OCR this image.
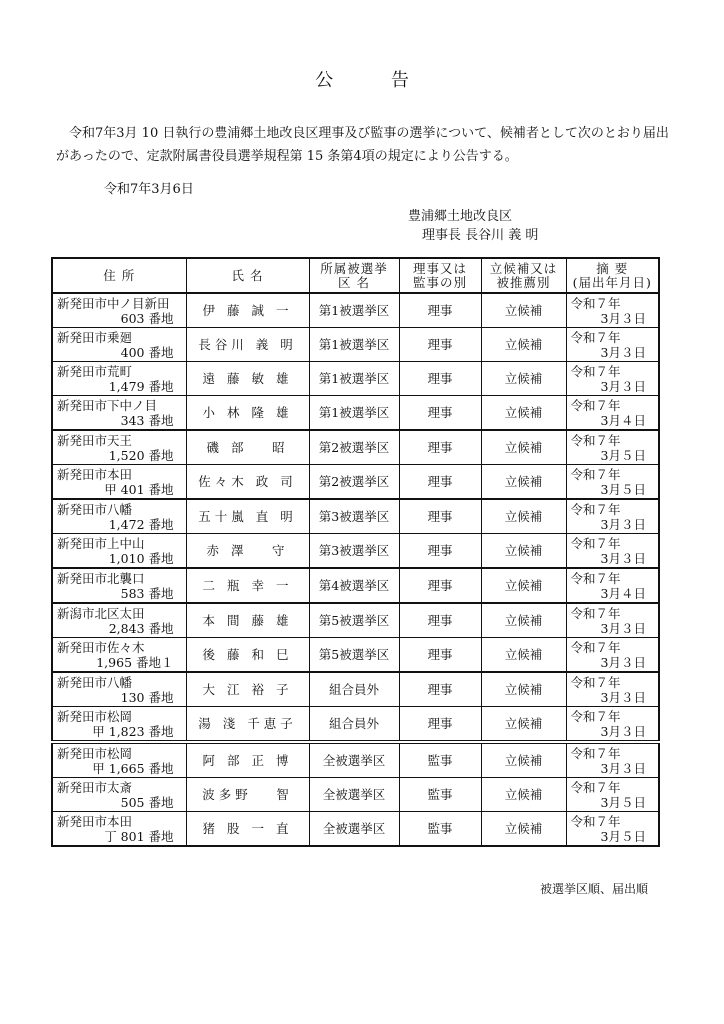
公 告

令和7年3月 10 日執行の豊浦郷土地改良区理事及び監事の選挙について、候補者として次のとおり届出があったので、定款附属書役員選挙規程第 15 条第4項の規定により公告する。

令和7年3月6日
豊浦郷土地改良区
理事長 長谷川 義 明
住 所	氏 名	所属被選挙
区 名	理事又は
監事の別	立候補又は
被推薦別	摘 要
(届出年月日)
新発田市中ノ目新田
603 番地	伊 藤 誠 一	第1被選挙区	理事	立候補	令和７年
3月３日

新発田市乗廻
400 番地	長谷川 義 明	第1被選挙区	理事	立候補	令和７年
3月３日

新発田市荒町
1,479 番地	遠 藤 敏 雄	第1被選挙区	理事	立候補	令和７年
3月３日

新発田市下中ノ目
343 番地	小 林 隆 雄	第1被選挙区	理事	立候補	令和７年
3月４日

新発田市天王
1,520 番地	磯 部 　昭	第2被選挙区	理事	立候補	令和７年
3月５日

新発田市本田
甲 401 番地	佐々木 政 司	第2被選挙区	理事	立候補	令和７年
3月５日

新発田市八幡
1,472 番地	五十嵐 直 明	第3被選挙区	理事	立候補	令和７年
3月３日

新発田市上中山
1,010 番地	赤 澤 　守	第3被選挙区	理事	立候補	令和７年
3月３日

新発田市北襲口
583 番地	二 瓶 幸 一	第4被選挙区	理事	立候補	令和７年
3月４日

新潟市北区太田
2,843 番地	本 間 藤 雄	第5被選挙区	理事	立候補	令和７年
3月３日

新発田市佐々木
1,965 番地１	後 藤 和 巳	第5被選挙区	理事	立候補	令和７年
3月３日

新発田市八幡
130 番地	大 江 裕 子	組合員外	理事	立候補	令和７年
3月３日

新発田市松岡
甲 1,823 番地	湯 淺 千恵子	組合員外	理事	立候補	令和７年
3月３日

新発田市松岡
甲 1,665 番地	阿 部 正 博	全被選挙区	監事	立候補	令和７年
3月３日

新発田市太斎
505 番地	波多野 　智	全被選挙区	監事	立候補	令和７年
3月５日

新発田市本田
丁 801 番地	猪 股 一 直	全被選挙区	監事	立候補	令和７年
3月５日
被選挙区順、届出順
